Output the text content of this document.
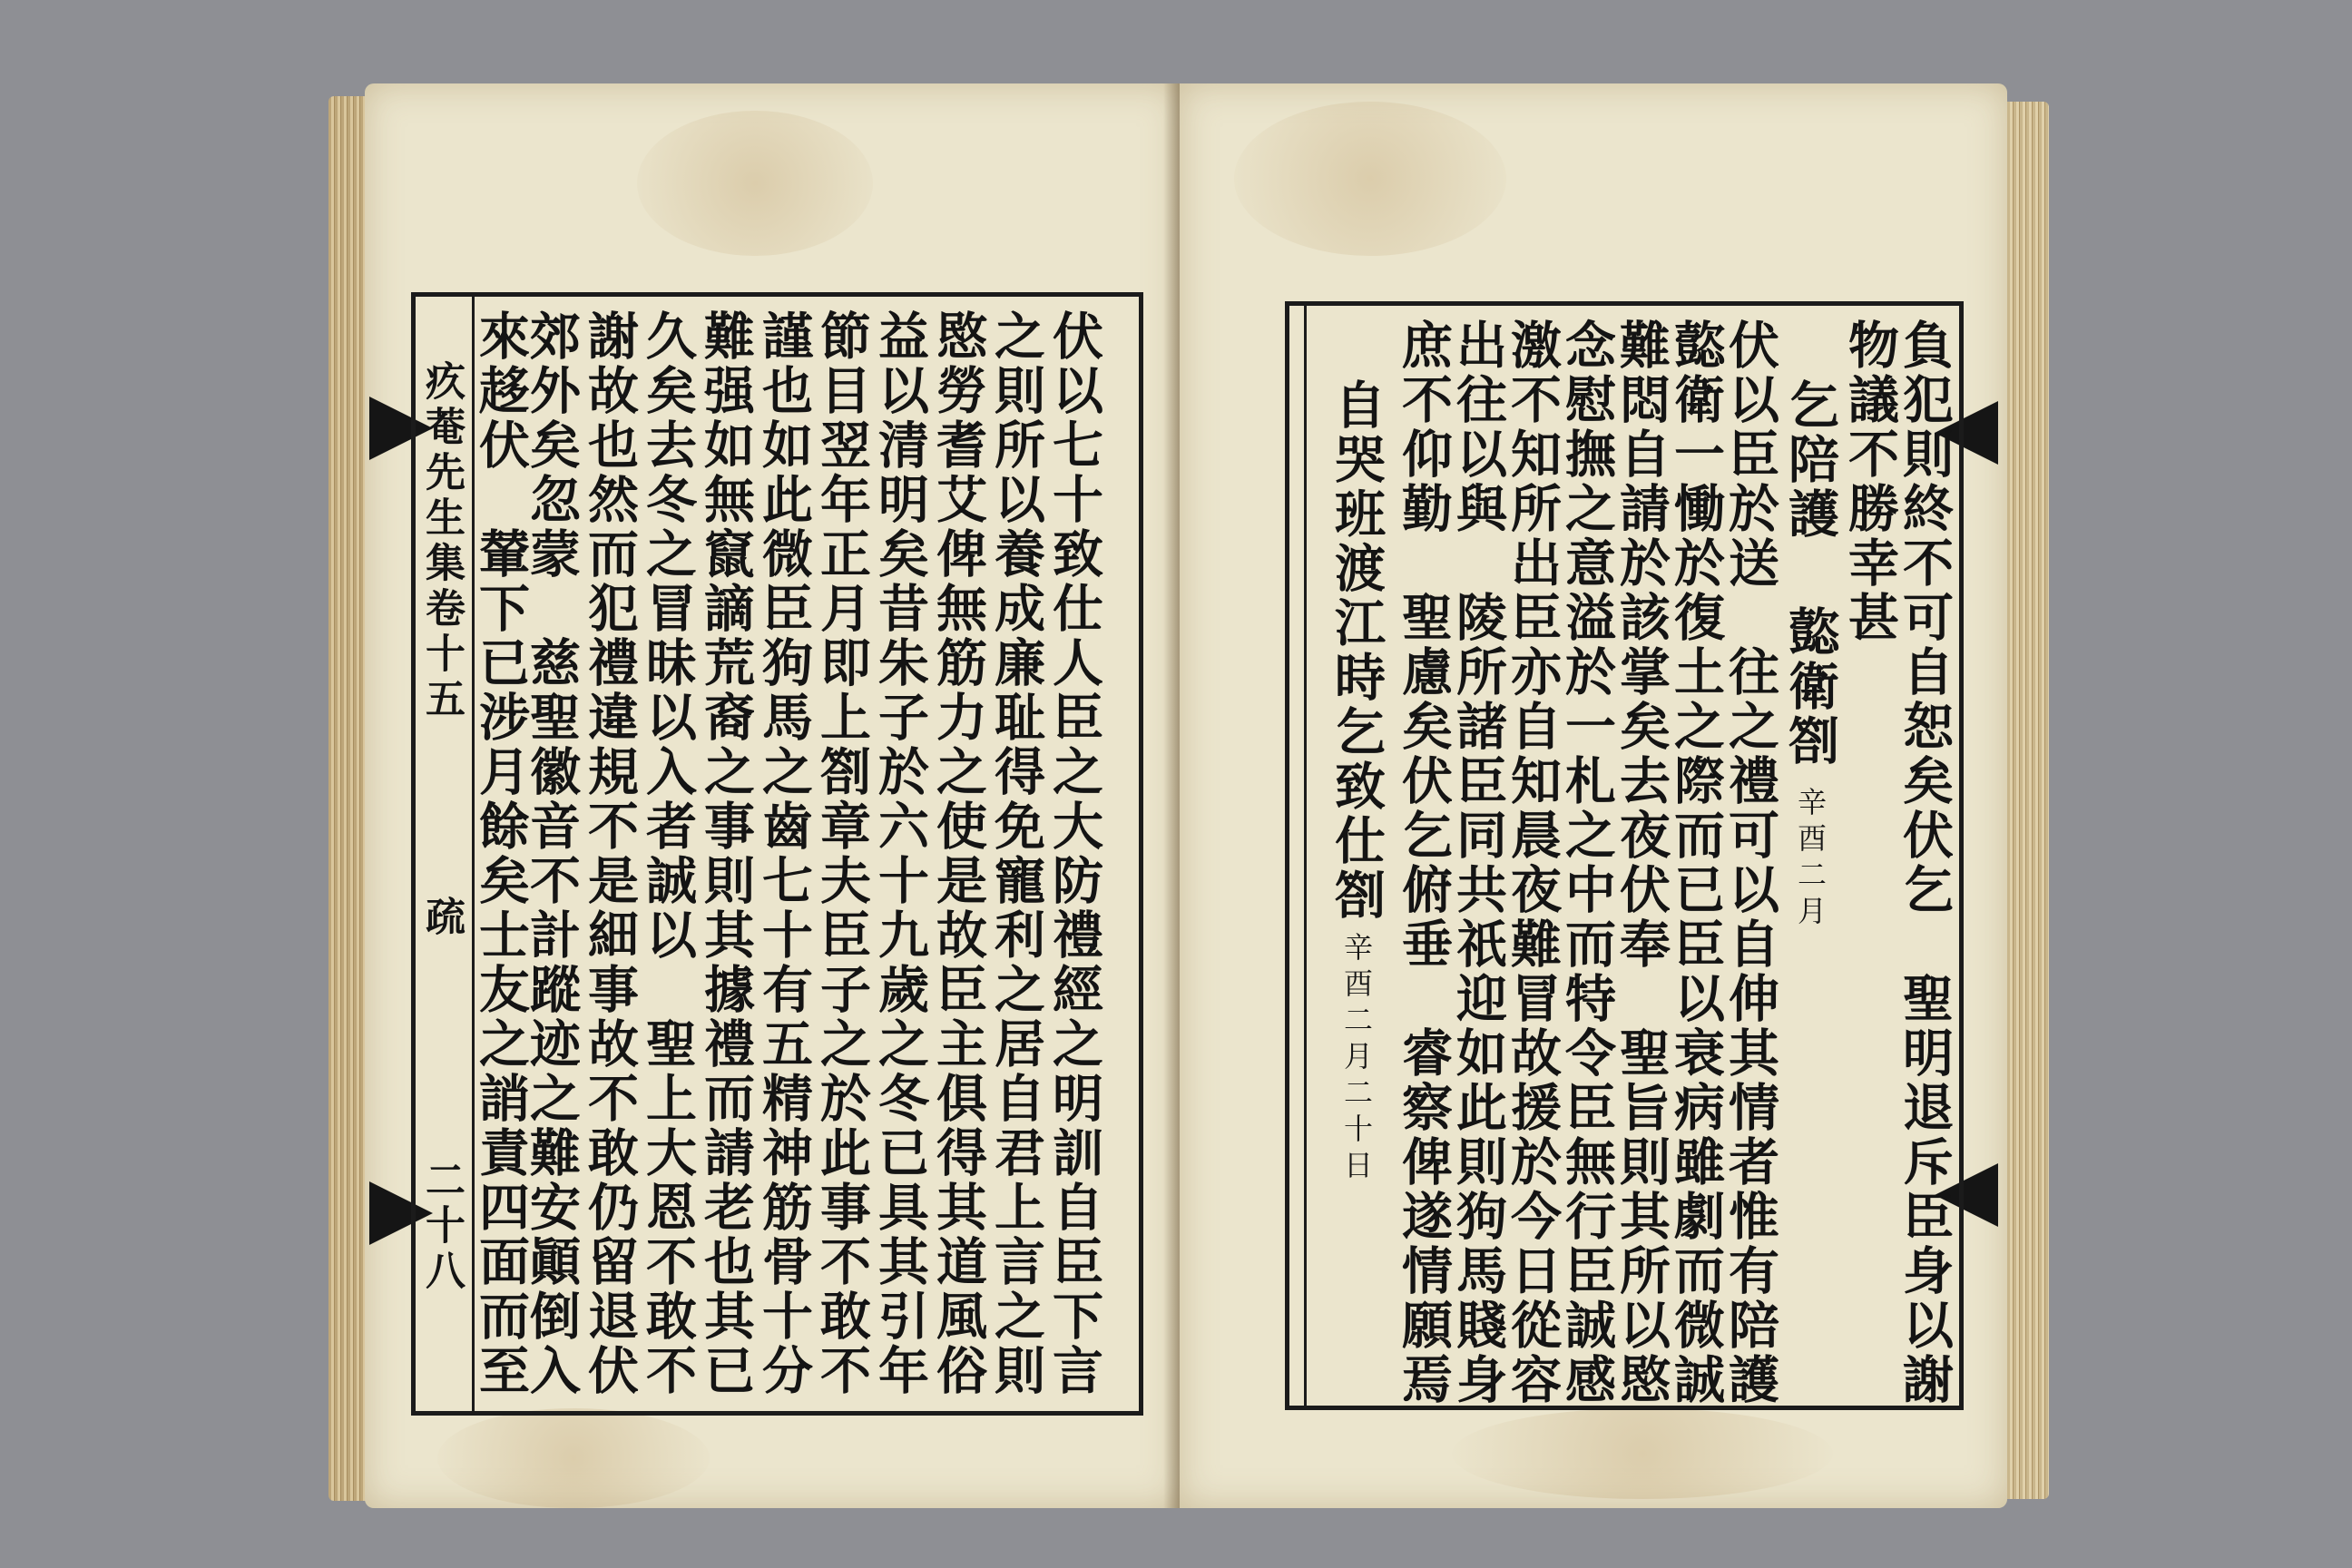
疚菴先生集卷十五
疏
二十八	伏以七十致仕人臣之大防禮經之明訓自臣下言
之則所以養成廉耻得免寵利之居自君上言之則
愍勞耆艾俾無筋力之使是故臣主俱得其道風俗
益以清明矣昔朱子於六十九歲之冬已具其引年
節目翌年正月即上劄章夫臣子之於此事不敢不
謹也如此微臣狗馬之齒七十有五精神筋骨十分
難强如無竄謫荒裔之事則其據禮而請老也其已
久矣去冬之冒昧以入者誠以　聖上大恩不敢不
謝故也然而犯禮違規不是細事故不敢仍留退伏
郊外矣忽蒙　慈聖徽音不計蹤迹之難安顚倒入
來趍伏　輦下已涉月餘矣士友之誚責四面而至	負犯則終不可自恕矣伏乞　聖明退斥臣身以謝
物議不勝幸甚
乞陪護
㦤衛劄
辛酉二月
伏以臣於送　往之禮可以自伸其情者惟有陪護
㦤衛一慟於復土之際而已臣以衰病雖劇而微誠
難悶自請於該掌矣去夜伏奉　聖旨則其所以愍
念慰撫之意溢於一札之中而特令臣無行臣誠感
激不知所出臣亦自知晨夜難冒故援於今日從容
出往以與　陵所諸臣同共祇迎如此則狗馬賤身
庶不仰勤　聖慮矣伏乞俯垂　睿察俾遂情願焉
自哭班渡江時乞致仕劄
辛酉二月二十日
